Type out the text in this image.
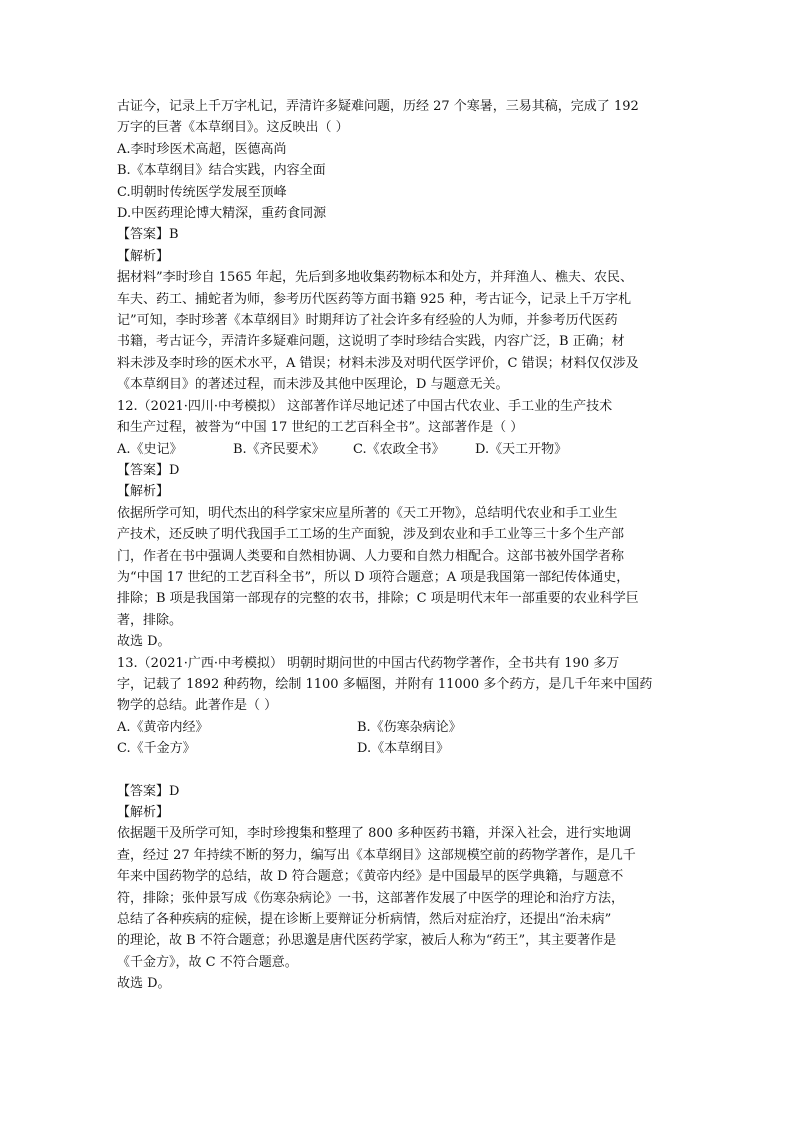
古证今，记录上千万字札记，弄清许多疑难问题，历经 27 个寒暑，三易其稿，完成了 192
万字的巨著《本草纲目》。这反映出（ ）
A.李时珍医术高超，医德高尚
B.《本草纲目》结合实践，内容全面
C.明朝时传统医学发展至顶峰
D.中医药理论博大精深，重药食同源
【答案】B
【解析】
据材料”李时珍自 1565 年起，先后到多地收集药物标本和处方，并拜渔人、樵夫、农民、
车夫、药工、捕蛇者为师，参考历代医药等方面书籍 925 种，考古证今，记录上千万字札
记”可知，李时珍著《本草纲目》时期拜访了社会许多有经验的人为师，并参考历代医药
书籍，考古证今，弄清许多疑难问题，这说明了李时珍结合实践，内容广泛，B 正确；材
料未涉及李时珍的医术水平，A 错误；材料未涉及对明代医学评价，C 错误；材料仅仅涉及
《本草纲目》的著述过程，而未涉及其他中医理论，D 与题意无关。
12.（2021·四川·中考模拟） 这部著作详尽地记述了中国古代农业、手工业的生产技术
和生产过程，被誉为“中国 17 世纪的工艺百科全书”。这部著作是（ ）
A.《史记》	B.《齐民要术》	C.《农政全书》	D.《天工开物》
【答案】D
【解析】
依据所学可知，明代杰出的科学家宋应星所著的《天工开物》，总结明代农业和手工业生
产技术，还反映了明代我国手工工场的生产面貌，涉及到农业和手工业等三十多个生产部
门，作者在书中强调人类要和自然相协调、人力要和自然力相配合。这部书被外国学者称
为“中国 17 世纪的工艺百科全书”，所以 D 项符合题意；A 项是我国第一部纪传体通史，
排除；B 项是我国第一部现存的完整的农书，排除；C 项是明代末年一部重要的农业科学巨
著，排除。
故选 D。
13.（2021·广西·中考模拟） 明朝时期问世的中国古代药物学著作，全书共有 190 多万
字，记载了 1892 种药物，绘制 1100 多幅图，并附有 11000 多个药方，是几千年来中国药
物学的总结。此著作是（ ）
A.《黄帝内经》	B.《伤寒杂病论》
C.《千金方》	D.《本草纲目》
【答案】D
【解析】
依据题干及所学可知，李时珍搜集和整理了 800 多种医药书籍，并深入社会，进行实地调
查，经过 27 年持续不断的努力，编写出《本草纲目》这部规模空前的药物学著作，是几千
年来中国药物学的总结，故 D 符合题意；《黄帝内经》是中国最早的医学典籍，与题意不
符，排除；张仲景写成《伤寒杂病论》一书，这部著作发展了中医学的理论和治疗方法，
总结了各种疾病的症候，提在诊断上要辩证分析病情，然后对症治疗，还提出“治未病”
的理论，故 B 不符合题意；孙思邈是唐代医药学家，被后人称为“药王”，其主要著作是
《千金方》，故 C 不符合题意。
故选 D。
